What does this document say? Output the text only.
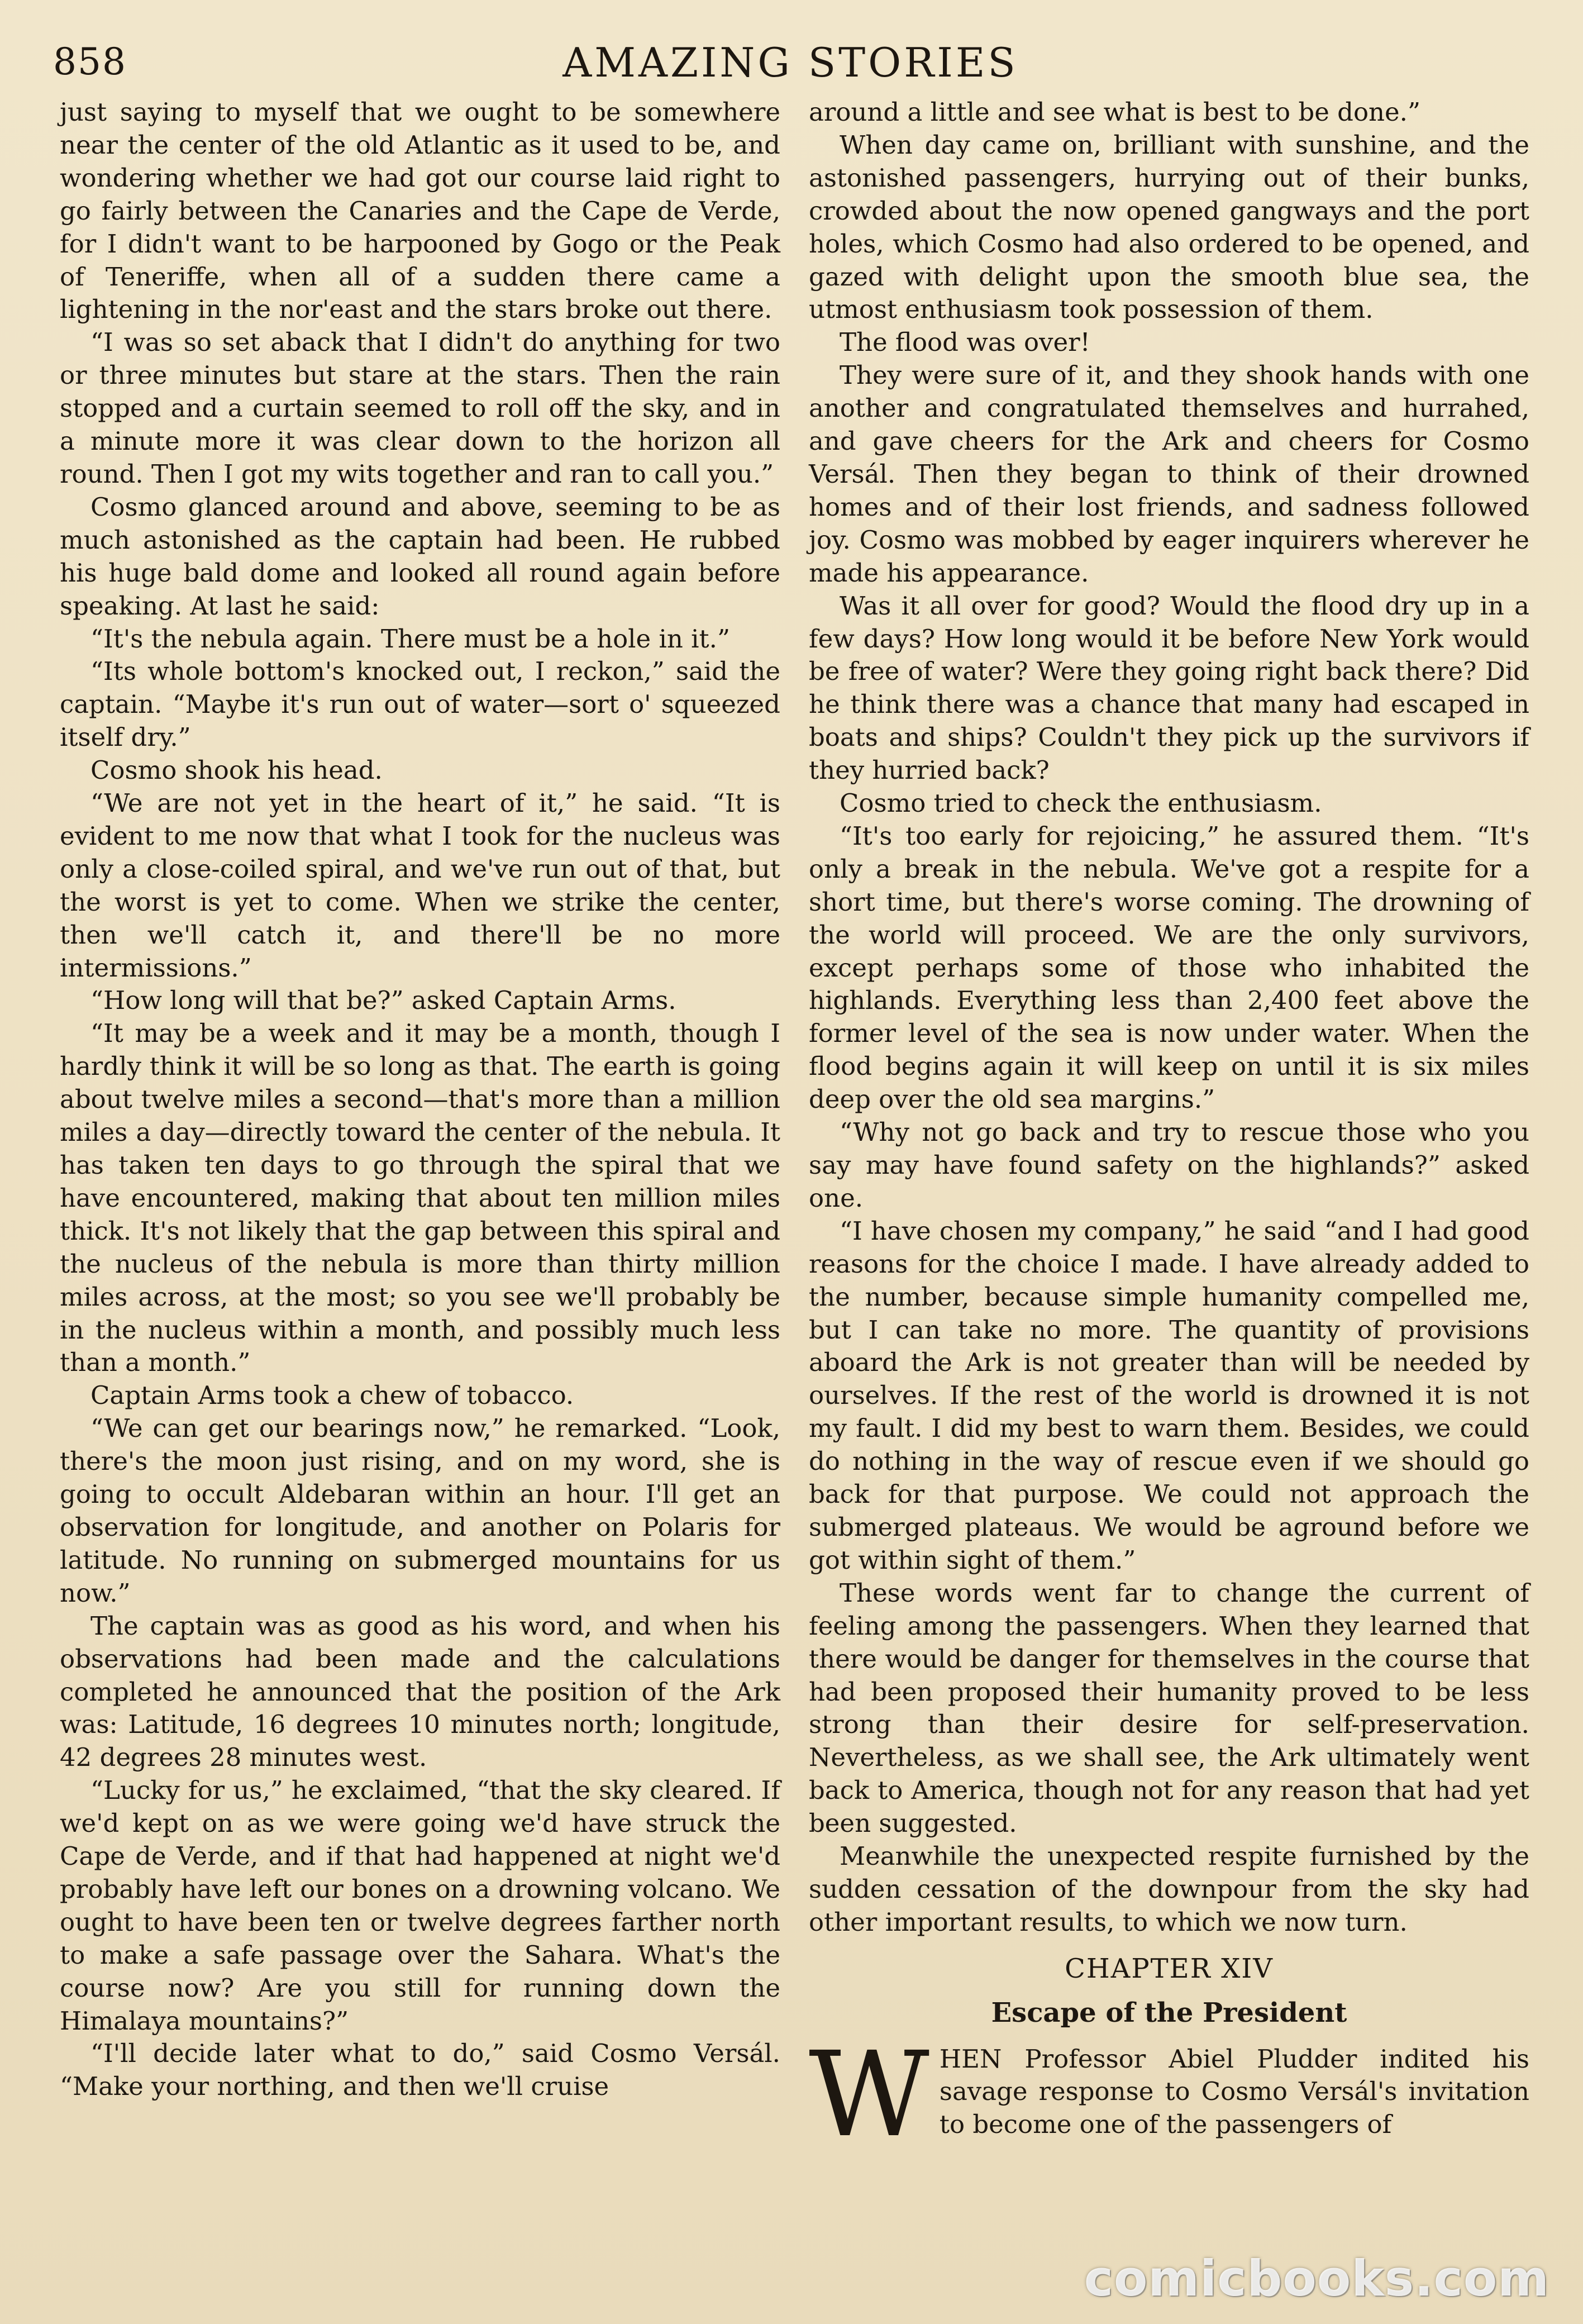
858	AMAZING STORIES

just saying to myself that we ought to be somewhere near the center of the old Atlantic as it used to be, and wondering whether we had got our course laid right to go fairly between the Canaries and the Cape de Verde, for I didn't want to be harpooned by Gogo or the Peak of Teneriffe, when all of a sudden there came a lightening in the nor'east and the stars broke out there.

“I was so set aback that I didn't do anything for two or three minutes but stare at the stars. Then the rain stopped and a curtain seemed to roll off the sky, and in a minute more it was clear down to the horizon all round. Then I got my wits together and ran to call you.”

Cosmo glanced around and above, seeming to be as much astonished as the captain had been. He rubbed his huge bald dome and looked all round again before speaking. At last he said:

“It's the nebula again. There must be a hole in it.”

“Its whole bottom's knocked out, I reckon,” said the captain. “Maybe it's run out of water—sort o' squeezed itself dry.”

Cosmo shook his head.

“We are not yet in the heart of it,” he said. “It is evident to me now that what I took for the nucleus was only a close-coiled spiral, and we've run out of that, but the worst is yet to come. When we strike the center, then we'll catch it, and there'll be no more intermissions.”

“How long will that be?” asked Captain Arms.

“It may be a week and it may be a month, though I hardly think it will be so long as that. The earth is going about twelve miles a second—that's more than a million miles a day—directly toward the center of the nebula. It has taken ten days to go through the spiral that we have encountered, making that about ten million miles thick. It's not likely that the gap between this spiral and the nucleus of the nebula is more than thirty million miles across, at the most; so you see we'll probably be in the nucleus within a month, and possibly much less than a month.”

Captain Arms took a chew of tobacco.

“We can get our bearings now,” he remarked. “Look, there's the moon just rising, and on my word, she is going to occult Aldebaran within an hour. I'll get an observation for longitude, and another on Polaris for latitude. No running on submerged mountains for us now.”

The captain was as good as his word, and when his observations had been made and the calculations completed he announced that the position of the Ark was: Latitude, 16 degrees 10 minutes north; longitude, 42 degrees 28 minutes west.

“Lucky for us,” he exclaimed, “that the sky cleared. If we'd kept on as we were going we'd have struck the Cape de Verde, and if that had happened at night we'd probably have left our bones on a drowning volcano. We ought to have been ten or twelve degrees farther north to make a safe passage over the Sahara. What's the course now? Are you still for running down the Himalaya mountains?”

“I'll decide later what to do,” said Cosmo Versál. “Make your northing, and then we'll cruise

around a little and see what is best to be done.”

When day came on, brilliant with sunshine, and the astonished passengers, hurrying out of their bunks, crowded about the now opened gangways and the port holes, which Cosmo had also ordered to be opened, and gazed with delight upon the smooth blue sea, the utmost enthusiasm took possession of them.

The flood was over!

They were sure of it, and they shook hands with one another and congratulated themselves and hurrahed, and gave cheers for the Ark and cheers for Cosmo Versál. Then they began to think of their drowned homes and of their lost friends, and sadness followed joy. Cosmo was mobbed by eager inquirers wherever he made his appearance.

Was it all over for good? Would the flood dry up in a few days? How long would it be before New York would be free of water? Were they going right back there? Did he think there was a chance that many had escaped in boats and ships? Couldn't they pick up the survivors if they hurried back?

Cosmo tried to check the enthusiasm.

“It's too early for rejoicing,” he assured them. “It's only a break in the nebula. We've got a respite for a short time, but there's worse coming. The drowning of the world will proceed. We are the only survivors, except perhaps some of those who inhabited the highlands. Everything less than 2,400 feet above the former level of the sea is now under water. When the flood begins again it will keep on until it is six miles deep over the old sea margins.”

“Why not go back and try to rescue those who you say may have found safety on the highlands?” asked one.

“I have chosen my company,” he said “and I had good reasons for the choice I made. I have already added to the number, because simple humanity compelled me, but I can take no more. The quantity of provisions aboard the Ark is not greater than will be needed by ourselves. If the rest of the world is drowned it is not my fault. I did my best to warn them. Besides, we could do nothing in the way of rescue even if we should go back for that purpose. We could not approach the submerged plateaus. We would be aground before we got within sight of them.”

These words went far to change the current of feeling among the passengers. When they learned that there would be danger for themselves in the course that had been proposed their humanity proved to be less strong than their desire for self-preservation. Nevertheless, as we shall see, the Ark ultimately went back to America, though not for any reason that had yet been suggested.

Meanwhile the unexpected respite furnished by the sudden cessation of the downpour from the sky had other important results, to which we now turn.

CHAPTER XIV
Escape of the President

WHEN Professor Abiel Pludder indited his savage response to Cosmo Versál's invitation to become one of the passengers of

comicbooks.com
